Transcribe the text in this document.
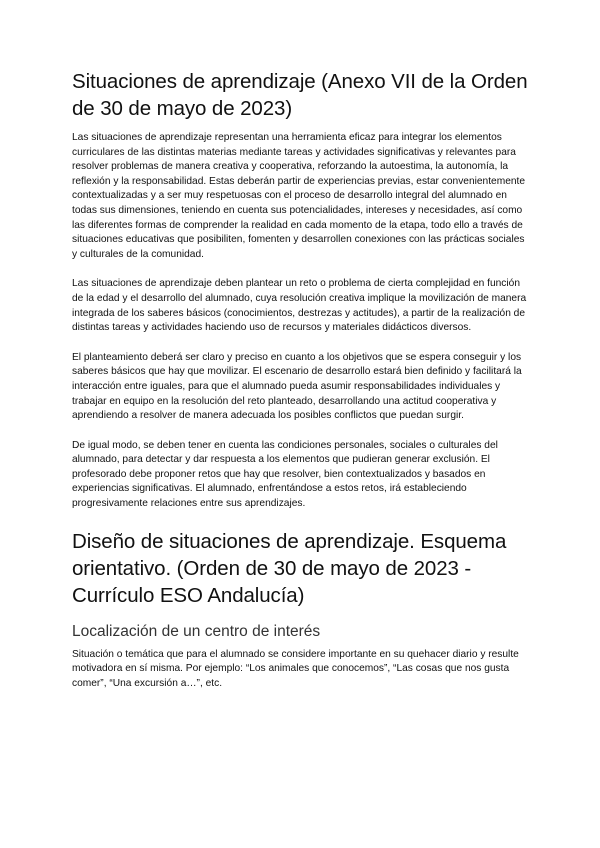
Situaciones de aprendizaje (Anexo VII de la Orden de 30 de mayo de 2023)

Las situaciones de aprendizaje representan una herramienta eficaz para integrar los elementos curriculares de las distintas materias mediante tareas y actividades significativas y relevantes para resolver problemas de manera creativa y cooperativa, reforzando la autoestima, la autonomía, la reflexión y la responsabilidad. Estas deberán partir de experiencias previas, estar convenientemente contextualizadas y a ser muy respetuosas con el proceso de desarrollo integral del alumnado en todas sus dimensiones, teniendo en cuenta sus potencialidades, intereses y necesidades, así como las diferentes formas de comprender la realidad en cada momento de la etapa, todo ello a través de situaciones educativas que posibiliten, fomenten y desarrollen conexiones con las prácticas sociales y culturales de la comunidad.

Las situaciones de aprendizaje deben plantear un reto o problema de cierta complejidad en función de la edad y el desarrollo del alumnado, cuya resolución creativa implique la movilización de manera integrada de los saberes básicos (conocimientos, destrezas y actitudes), a partir de la realización de distintas tareas y actividades haciendo uso de recursos y materiales didácticos diversos.

El planteamiento deberá ser claro y preciso en cuanto a los objetivos que se espera conseguir y los saberes básicos que hay que movilizar. El escenario de desarrollo estará bien definido y facilitará la interacción entre iguales, para que el alumnado pueda asumir responsabilidades individuales y trabajar en equipo en la resolución del reto planteado, desarrollando una actitud cooperativa y aprendiendo a resolver de manera adecuada los posibles conflictos que puedan surgir.

De igual modo, se deben tener en cuenta las condiciones personales, sociales o culturales del alumnado, para detectar y dar respuesta a los elementos que pudieran generar exclusión. El profesorado debe proponer retos que hay que resolver, bien contextualizados y basados en experiencias significativas. El alumnado, enfrentándose a estos retos, irá estableciendo progresivamente relaciones entre sus aprendizajes.

Diseño de situaciones de aprendizaje. Esquema orientativo. (Orden de 30 de mayo de 2023 - Currículo ESO Andalucía)
Localización de un centro de interés

Situación o temática que para el alumnado se considere importante en su quehacer diario y resulte motivadora en sí misma. Por ejemplo: “Los animales que conocemos”, “Las cosas que nos gusta comer”, “Una excursión a…”, etc.
